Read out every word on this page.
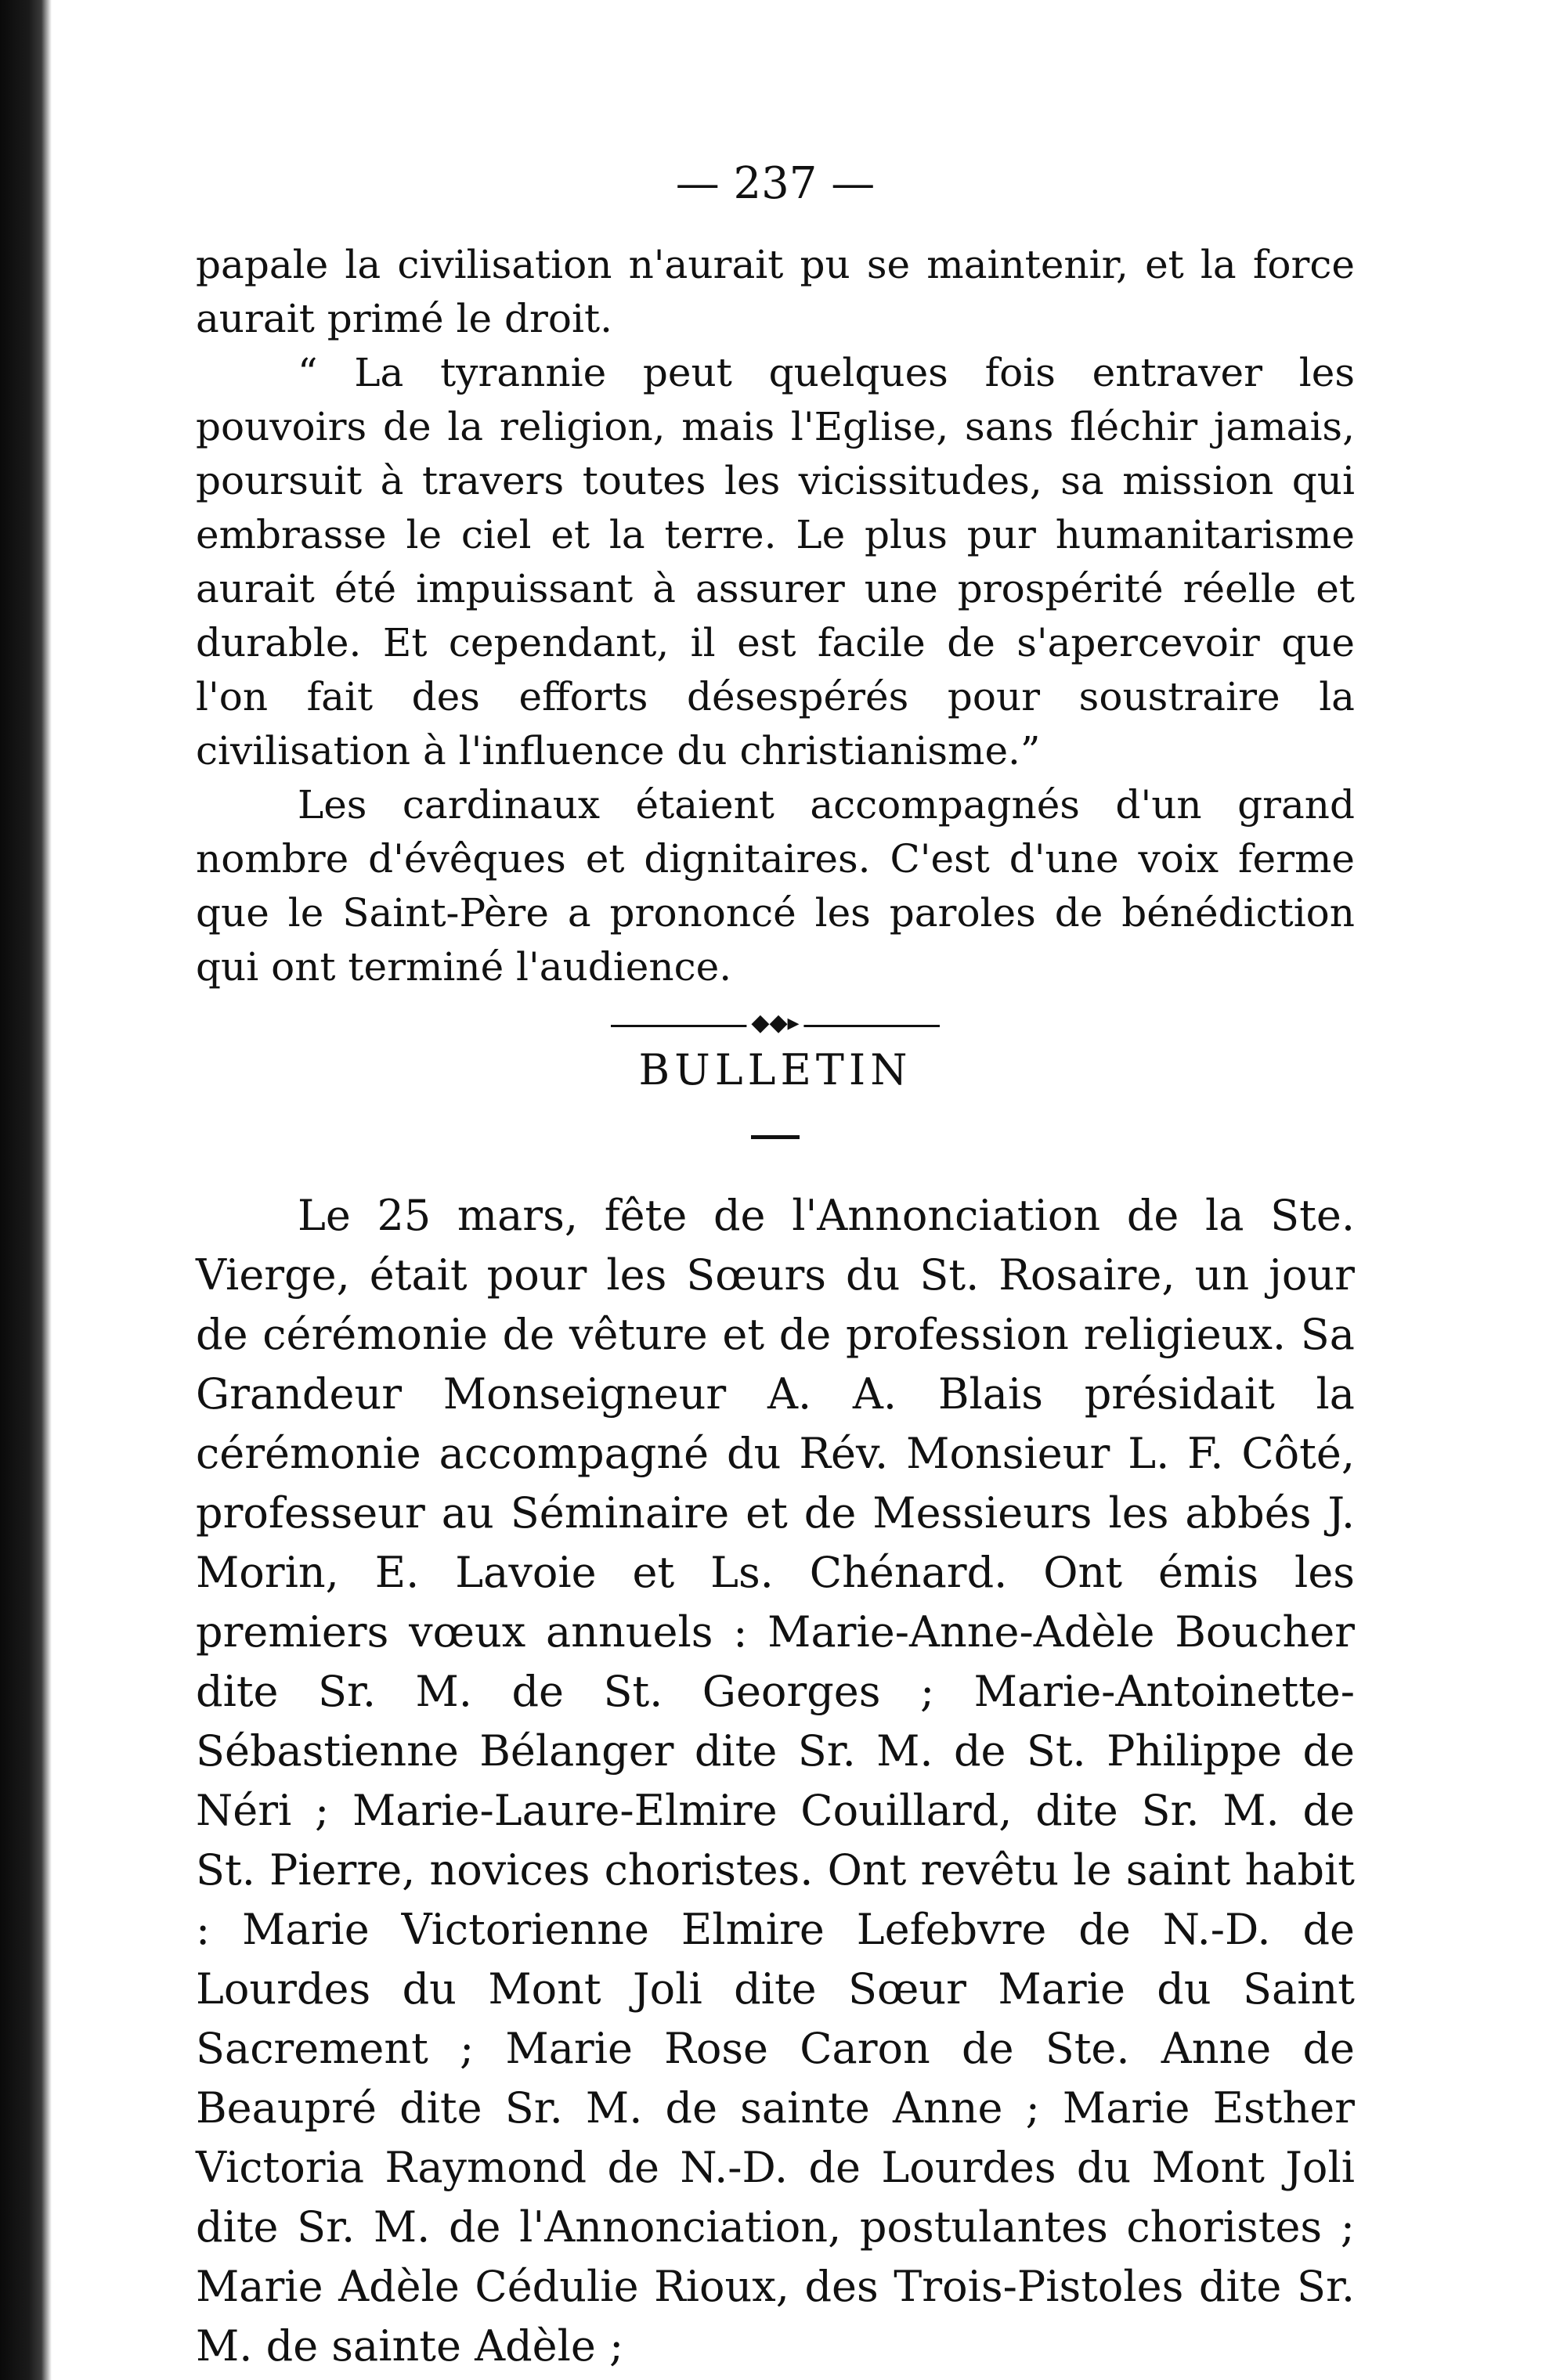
— 237 —

papale la civilisation n'aurait pu se maintenir, et la force aurait primé le droit.

“ La tyrannie peut quelques fois entraver les pouvoirs de la religion, mais l'Eglise, sans fléchir jamais, poursuit à travers toutes les vicissitudes, sa mission qui embrasse le ciel et la terre. Le plus pur humanitarisme aurait été impuissant à assurer une prospérité réelle et durable. Et cependant, il est facile de s'apercevoir que l'on fait des efforts désespérés pour soustraire la civilisation à l'influence du christianisme.”

Les cardinaux étaient accompagnés d'un grand nombre d'évêques et dignitaires. C'est d'une voix ferme que le Saint-Père a prononcé les paroles de bénédiction qui ont terminé l'audience.

◆◆▸
BULLETIN

Le 25 mars, fête de l'Annonciation de la Ste. Vierge, était pour les Sœurs du St. Rosaire, un jour de cérémonie de vêture et de profession religieux. Sa Grandeur Monseigneur A. A. Blais présidait la cérémonie accompagné du Rév. Monsieur L. F. Côté, professeur au Séminaire et de Messieurs les abbés J. Morin, E. Lavoie et Ls. Chénard. Ont émis les premiers vœux annuels : Marie-Anne-Adèle Boucher dite Sr. M. de St. Georges ; Marie-Antoinette-Sébastienne Bélanger dite Sr. M. de St. Philippe de Néri ; Marie-Laure-Elmire Couillard, dite Sr. M. de St. Pierre, novices choristes. Ont revêtu le saint habit : Marie Victorienne Elmire Lefebvre de N.-D. de Lourdes du Mont Joli dite Sœur Marie du Saint Sacrement ; Marie Rose Caron de Ste. Anne de Beaupré dite Sr. M. de sainte Anne ; Marie Esther Victoria Raymond de N.-D. de Lourdes du Mont Joli dite Sr. M. de l'Annonciation, postulantes choristes ; Marie Adèle Cédulie Rioux, des Trois-Pistoles dite Sr. M. de sainte Adèle ;
